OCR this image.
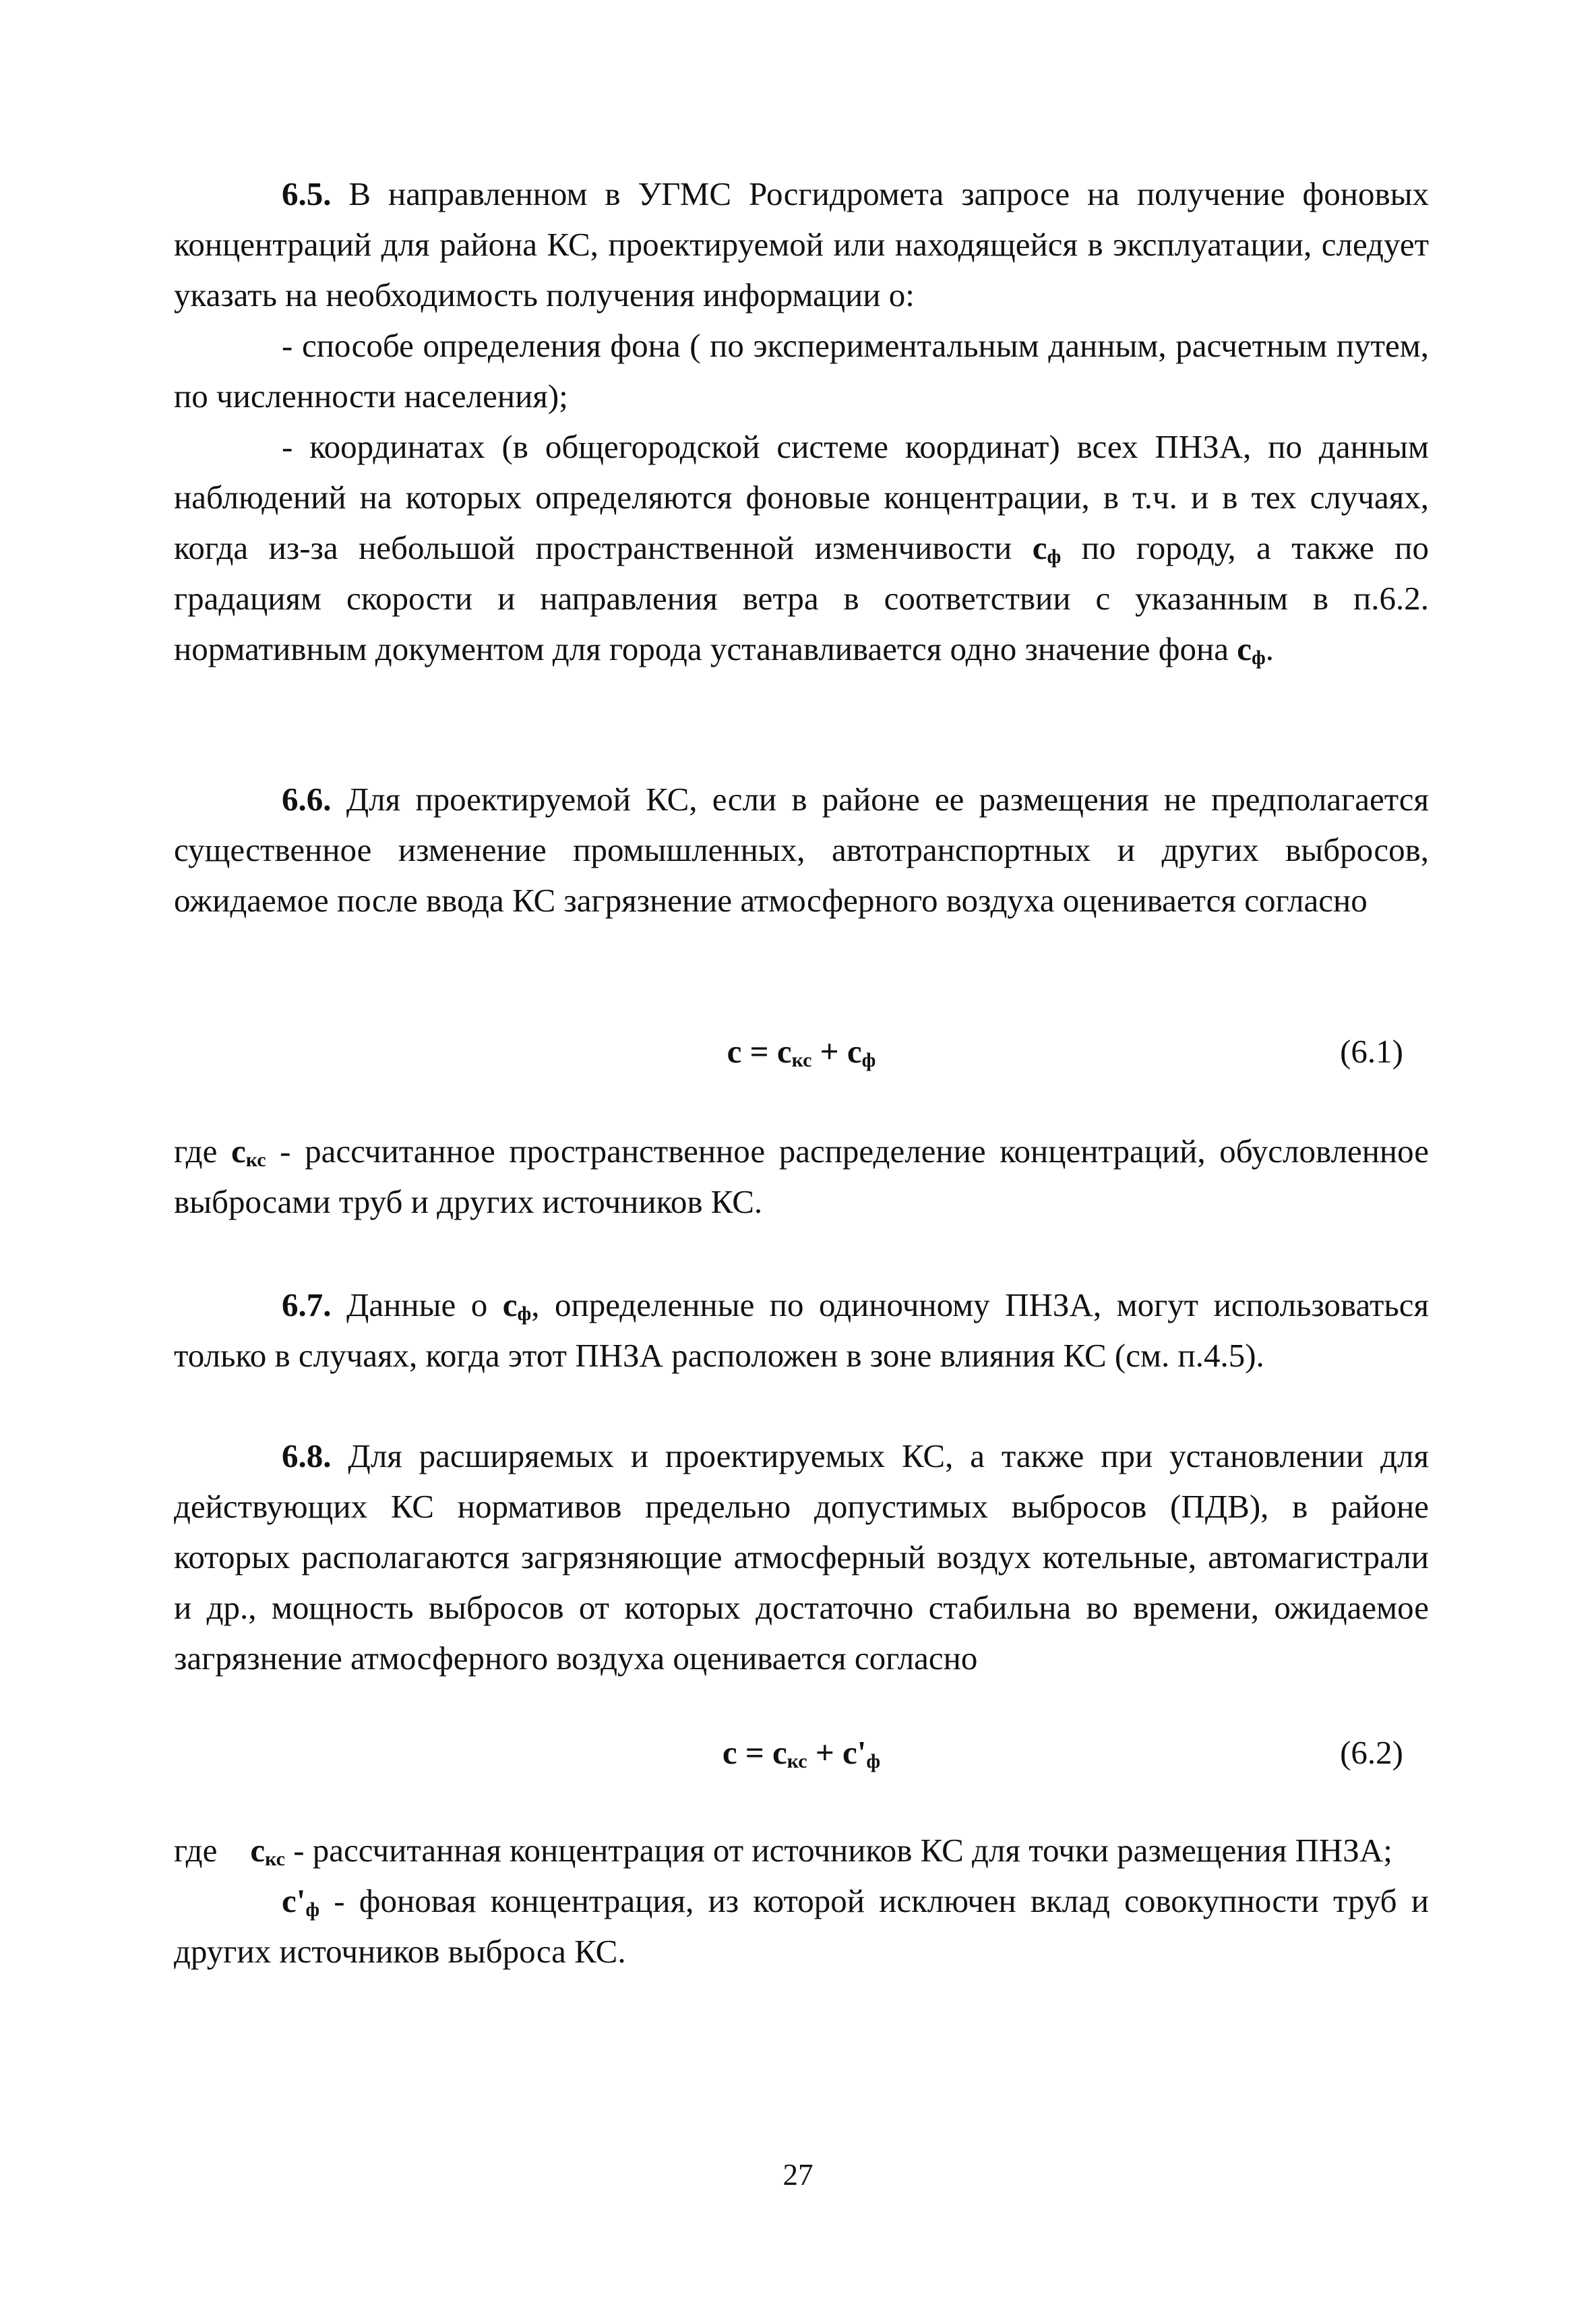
6.5. В направленном в УГМС Росгидромета запросе на получение фоновых концентраций для района КС, проектируемой или находящейся в эксплуатации, следует указать на необходимость получения информации о:

- способе определения фона ( по экспериментальным данным, расчетным путем, по численности населения);

- координатах (в общегородской системе координат) всех ПНЗА, по данным наблюдений на которых определяются фоновые концентрации, в т.ч. и в тех случаях, когда из-за небольшой пространственной изменчивости $с_ф$ по городу, а также по градациям скорости и направления ветра в соответствии с указанным в п.6.2. нормативным документом для города устанавливается одно значение фона $с_ф$.

6.6. Для проектируемой КС, если в районе ее размещения не предполагается существенное изменение промышленных, автотранспортных и других выбросов, ожидаемое после ввода КС загрязнение атмосферного воздуха оценивается согласно

$с = с_{кс} + с_ф$	(6.1)

где $с_{кс}$ - рассчитанное пространственное распределение концентраций, обусловленное выбросами труб и других источников КС.

6.7. Данные о $с_ф$, определенные по одиночному ПНЗА, могут использоваться только в случаях, когда этот ПНЗА расположен в зоне влияния КС (см. п.4.5).

6.8. Для расширяемых и проектируемых КС, а также при установлении для действующих КС нормативов предельно допустимых выбросов (ПДВ), в районе которых располагаются загрязняющие атмосферный воздух котельные, автомагистрали и др., мощность выбросов от которых достаточно стабильна во времени, ожидаемое загрязнение атмосферного воздуха оценивается согласно

$с = с_{кс} + с'_ф$	(6.2)

где $с_{кс}$ - рассчитанная концентрация от источников КС для точки размещения ПНЗА;

$с'_ф$ - фоновая концентрация, из которой исключен вклад совокупности труб и других источников выброса КС.

27
